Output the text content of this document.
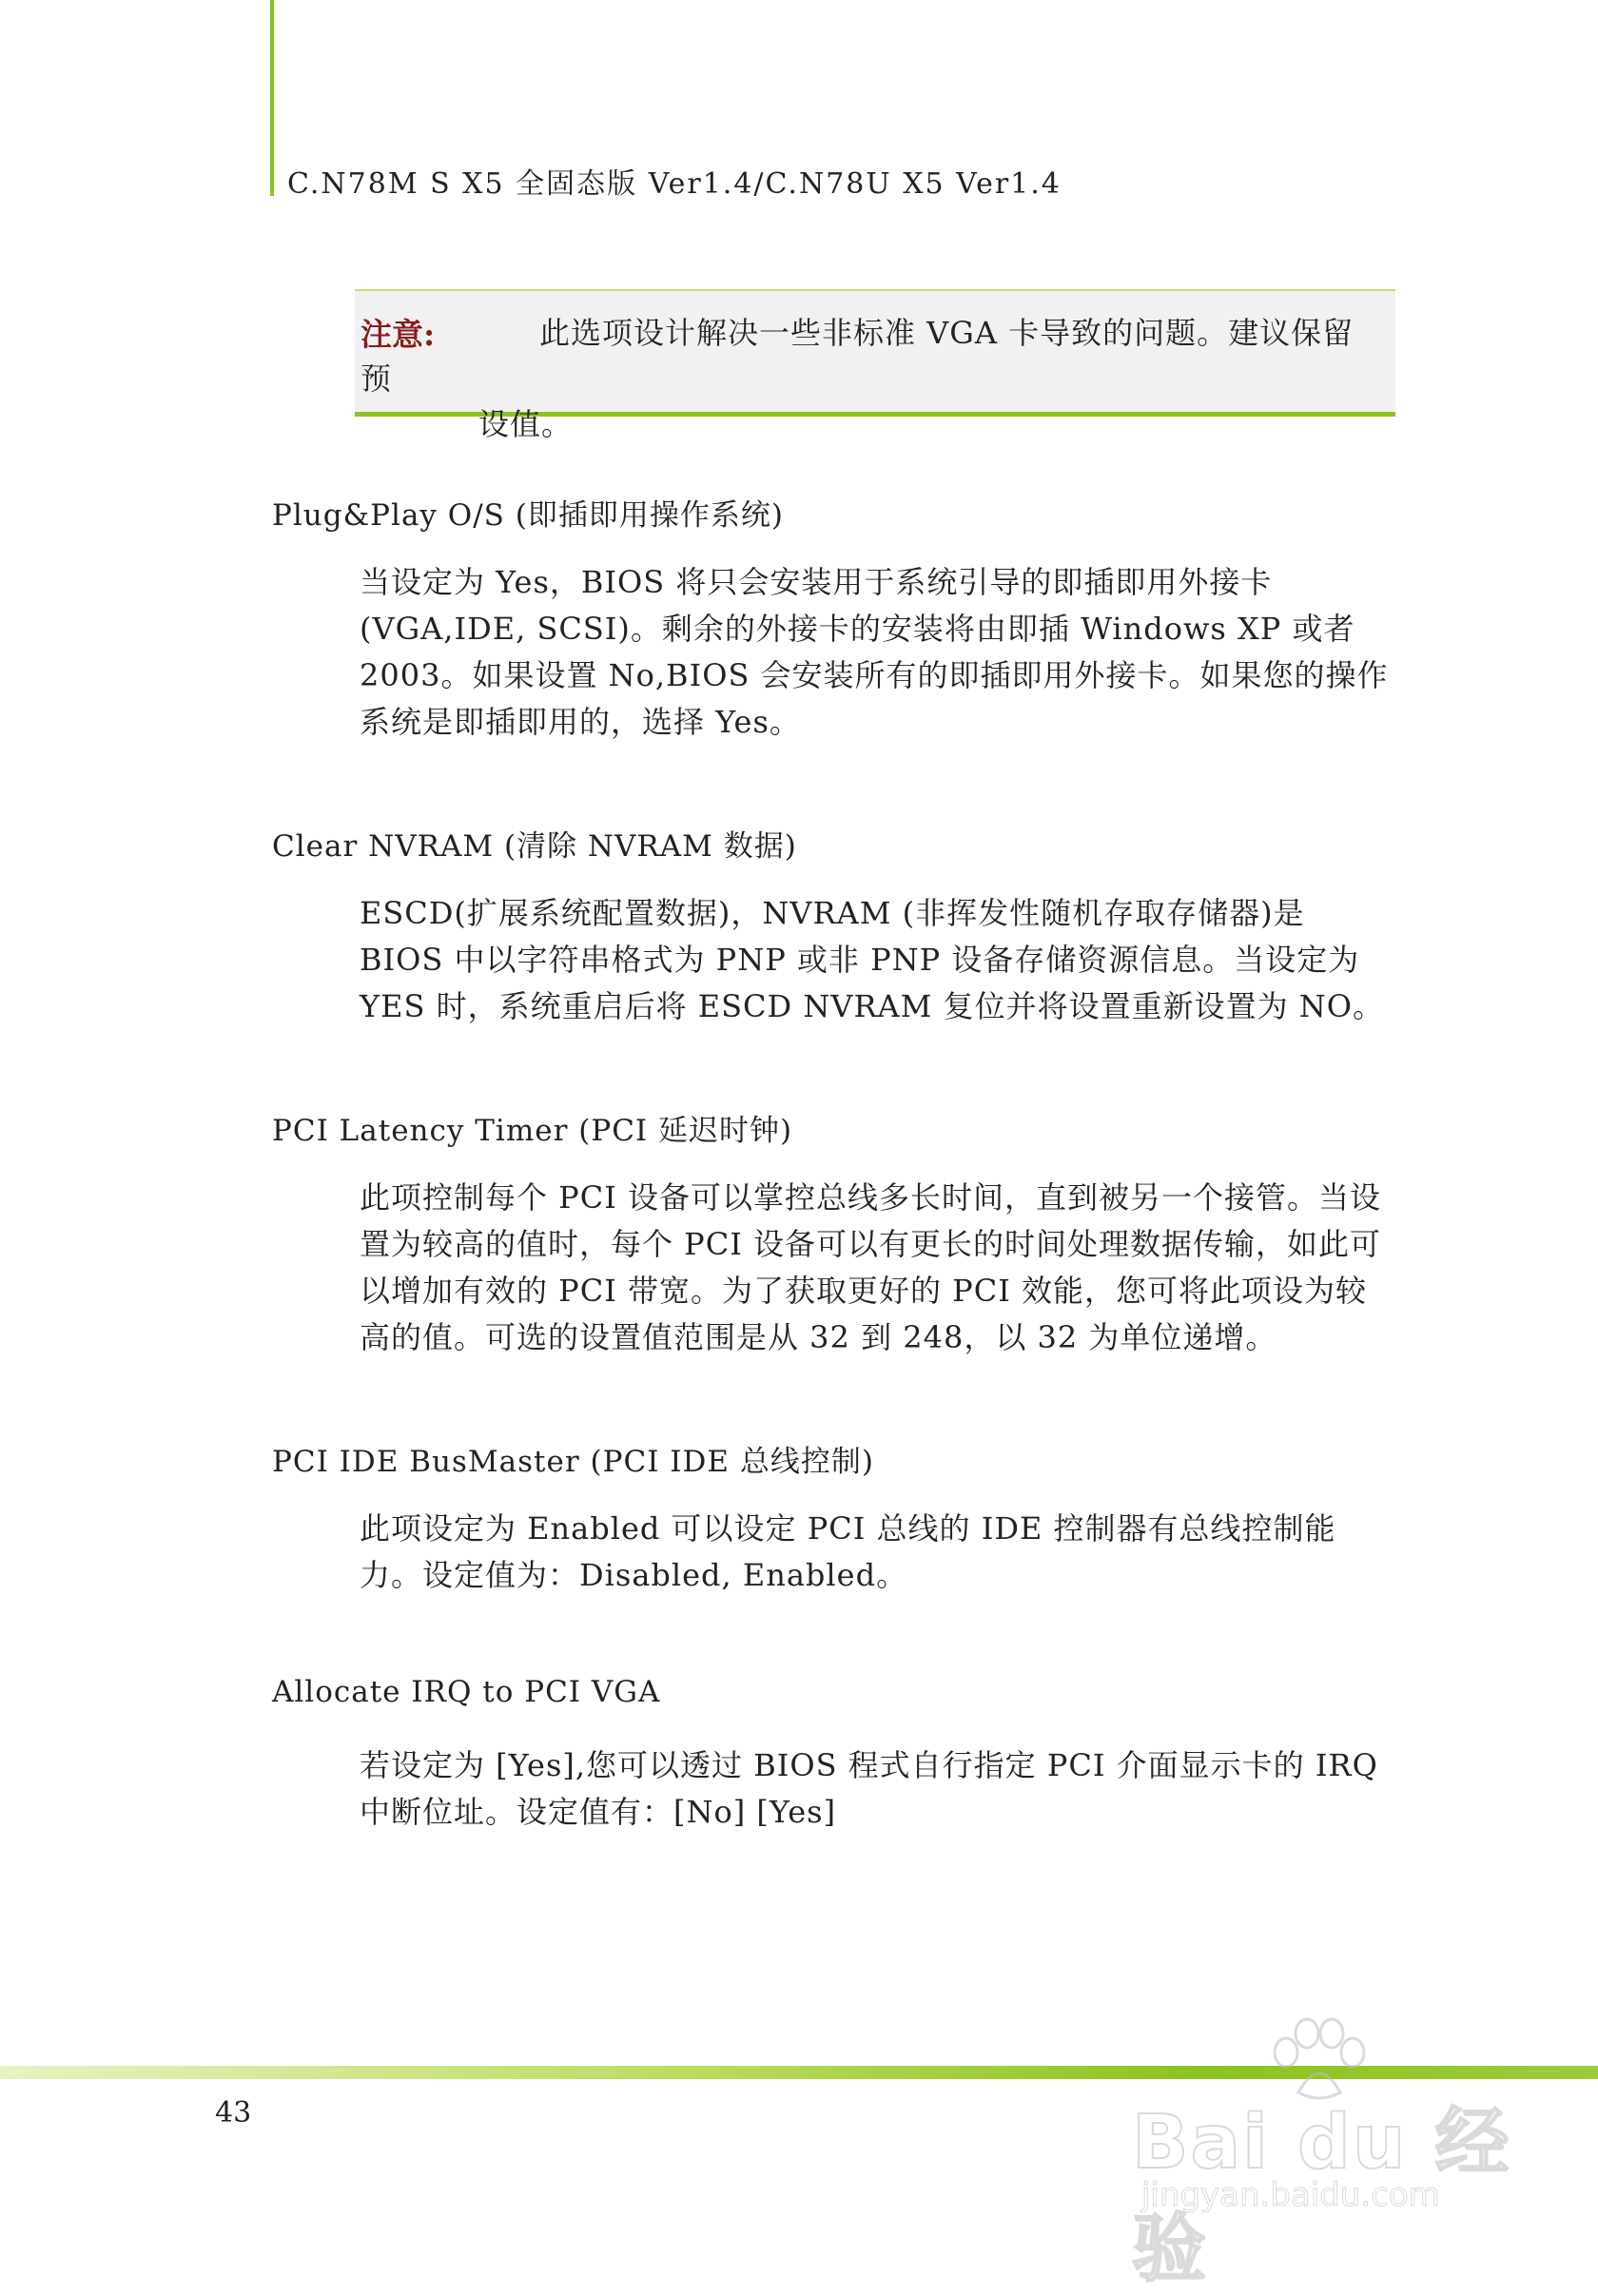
C.N78M S X5 全固态版 Ver1.4/C.N78U X5 Ver1.4
此选项设计解决一些非标准 VGA 卡导致的问题。建议保留预
设值。
注意:
Plug&Play O/S (即插即用操作系统)
当设定为 Yes，BIOS 将只会安装用于系统引导的即插即用外接卡(VGA,IDE, SCSI)。剩余的外接卡的安装将由即插 Windows XP 或者 2003。如果设置 No,BIOS 会安装所有的即插即用外接卡。如果您的操作系统是即插即用的，选择 Yes。
Clear NVRAM (清除 NVRAM 数据)
ESCD(扩展系统配置数据)，NVRAM (非挥发性随机存取存储器)是 BIOS 中以字符串格式为 PNP 或非 PNP 设备存储资源信息。当设定为 YES 时，系统重启后将 ESCD NVRAM 复位并将设置重新设置为 NO。
PCI Latency Timer (PCI 延迟时钟)
此项控制每个 PCI 设备可以掌控总线多长时间，直到被另一个接管。当设置为较高的值时，每个 PCI 设备可以有更长的时间处理数据传输，如此可以增加有效的 PCI 带宽。为了获取更好的 PCI 效能，您可将此项设为较高的值。可选的设置值范围是从 32 到 248，以 32 为单位递增。
PCI IDE BusMaster (PCI IDE 总线控制)
此项设定为 Enabled 可以设定 PCI 总线的 IDE 控制器有总线控制能力。设定值为：Disabled, Enabled。
Allocate IRQ to PCI VGA
若设定为 [Yes],您可以透过 BIOS 程式自行指定 PCI 介面显示卡的 IRQ 中断位址。设定值有：[No] [Yes]
43	Bai du 经验
jingyan.baidu.com
